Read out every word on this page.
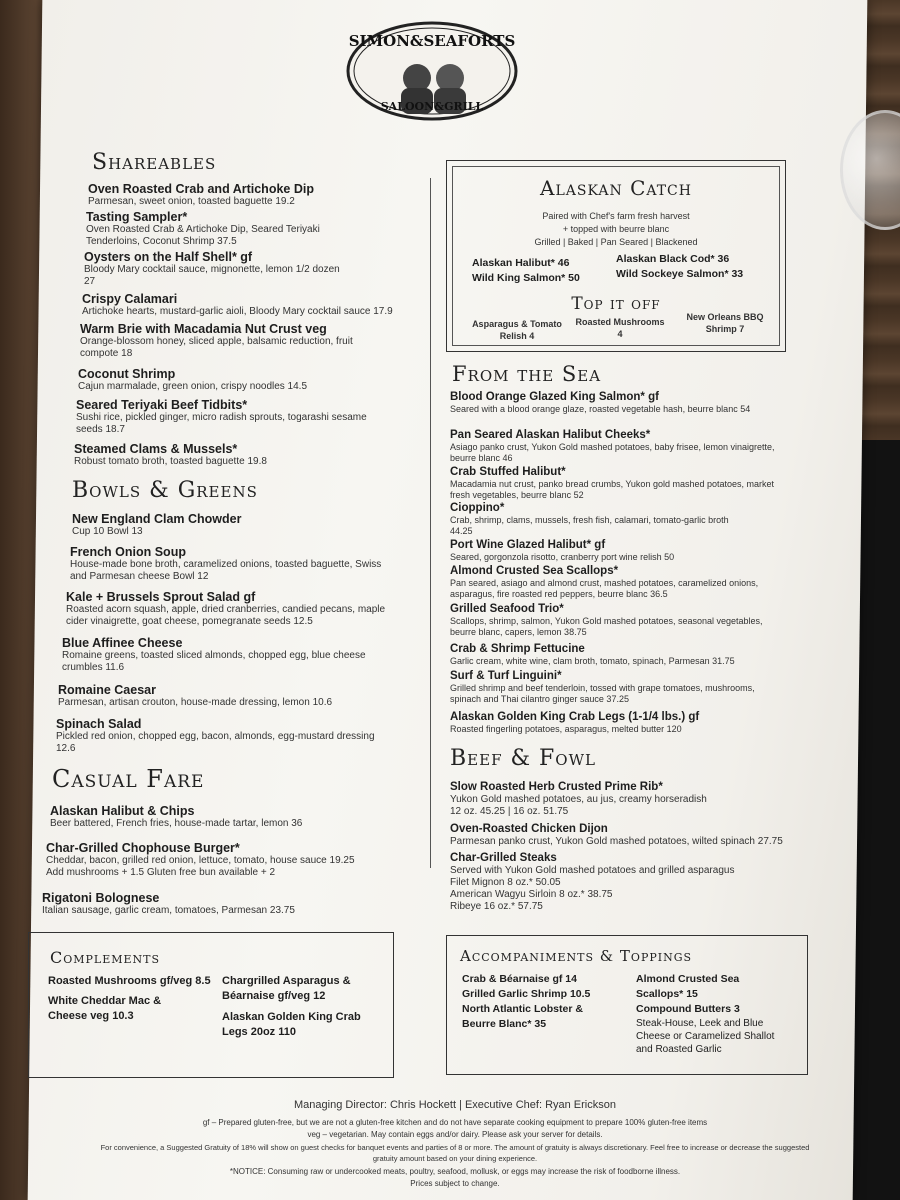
SIMON&SEAFORTS
SALOON&GRILL
Shareables
Oven Roasted Crab and Artichoke Dip
Parmesan, sweet onion, toasted baguette 19.2
Tasting Sampler*
Oven Roasted Crab & Artichoke Dip, Seared Teriyaki Tenderloins, Coconut Shrimp 37.5
Oysters on the Half Shell* gf
Bloody Mary cocktail sauce, mignonette, lemon 1/2 dozen 27
Crispy Calamari
Artichoke hearts, mustard-garlic aioli, Bloody Mary cocktail sauce 17.9
Warm Brie with Macadamia Nut Crust veg
Orange-blossom honey, sliced apple, balsamic reduction, fruit compote 18
Coconut Shrimp
Cajun marmalade, green onion, crispy noodles 14.5
Seared Teriyaki Beef Tidbits*
Sushi rice, pickled ginger, micro radish sprouts, togarashi sesame seeds 18.7
Steamed Clams & Mussels*
Robust tomato broth, toasted baguette 19.8
Bowls & Greens
New England Clam Chowder
Cup 10 Bowl 13
French Onion Soup
House-made bone broth, caramelized onions, toasted baguette, Swiss and Parmesan cheese Bowl 12
Kale + Brussels Sprout Salad gf
Roasted acorn squash, apple, dried cranberries, candied pecans, maple cider vinaigrette, goat cheese, pomegranate seeds 12.5
Blue Affinee Cheese
Romaine greens, toasted sliced almonds, chopped egg, blue cheese crumbles 11.6
Romaine Caesar
Parmesan, artisan crouton, house-made dressing, lemon 10.6
Spinach Salad
Pickled red onion, chopped egg, bacon, almonds, egg-mustard dressing 12.6
Casual Fare
Alaskan Halibut & Chips
Beer battered, French fries, house-made tartar, lemon 36
Char-Grilled Chophouse Burger*
Cheddar, bacon, grilled red onion, lettuce, tomato, house sauce 19.25
Add mushrooms + 1.5 Gluten free bun available + 2
Rigatoni Bolognese
Italian sausage, garlic cream, tomatoes, Parmesan 23.75
Complements
Roasted Mushrooms gf/veg 8.5
White Cheddar Mac &
Cheese veg 10.3
Chargrilled Asparagus &
Béarnaise gf/veg 12
Alaskan Golden King Crab
Legs 20oz 110
Alaskan Catch
Paired with Chef's farm fresh harvest
+ topped with beurre blanc
Grilled | Baked | Pan Seared | Blackened
Alaskan Halibut* 46
Wild King Salmon* 50
Alaskan Black Cod* 36
Wild Sockeye Salmon* 33
Top it off
Asparagus & Tomato
Relish 4
Roasted Mushrooms
4
New Orleans BBQ
Shrimp 7
From the Sea
Blood Orange Glazed King Salmon* gf
Seared with a blood orange glaze, roasted vegetable hash, beurre blanc 54
Pan Seared Alaskan Halibut Cheeks*
Asiago panko crust, Yukon Gold mashed potatoes, baby frisee, lemon vinaigrette, beurre blanc 46
Crab Stuffed Halibut*
Macadamia nut crust, panko bread crumbs, Yukon gold mashed potatoes, market fresh vegetables, beurre blanc 52
Cioppino*
Crab, shrimp, clams, mussels, fresh fish, calamari, tomato-garlic broth 44.25
Port Wine Glazed Halibut* gf
Seared, gorgonzola risotto, cranberry port wine relish 50
Almond Crusted Sea Scallops*
Pan seared, asiago and almond crust, mashed potatoes, caramelized onions, asparagus, fire roasted red peppers, beurre blanc 36.5
Grilled Seafood Trio*
Scallops, shrimp, salmon, Yukon Gold mashed potatoes, seasonal vegetables, beurre blanc, capers, lemon 38.75
Crab & Shrimp Fettucine
Garlic cream, white wine, clam broth, tomato, spinach, Parmesan 31.75
Surf & Turf Linguini*
Grilled shrimp and beef tenderloin, tossed with grape tomatoes, mushrooms, spinach and Thai cilantro ginger sauce 37.25
Alaskan Golden King Crab Legs (1-1/4 lbs.) gf
Roasted fingerling potatoes, asparagus, melted butter 120
Beef & Fowl
Slow Roasted Herb Crusted Prime Rib*
Yukon Gold mashed potatoes, au jus, creamy horseradish
12 oz. 45.25 | 16 oz. 51.75
Oven-Roasted Chicken Dijon
Parmesan panko crust, Yukon Gold mashed potatoes, wilted spinach 27.75
Char-Grilled Steaks
Served with Yukon Gold mashed potatoes and grilled asparagus
Filet Mignon 8 oz.* 50.05
American Wagyu Sirloin 8 oz.* 38.75
Ribeye 16 oz.* 57.75
Accompaniments & Toppings
Crab & Béarnaise gf 14
Grilled Garlic Shrimp 10.5
North Atlantic Lobster &
Beurre Blanc* 35
Almond Crusted Sea
Scallops* 15
Compound Butters 3
Steak-House, Leek and Blue
Cheese or Caramelized Shallot
and Roasted Garlic
Managing Director: Chris Hockett | Executive Chef: Ryan Erickson
gf – Prepared gluten-free, but we are not a gluten-free kitchen and do not have separate cooking equipment to prepare 100% gluten-free items
veg – vegetarian. May contain eggs and/or dairy. Please ask your server for details.
For convenience, a Suggested Gratuity of 18% will show on guest checks for banquet events and parties of 8 or more. The amount of gratuity is always discretionary. Feel free to increase or decrease the suggested
gratuity amount based on your dining experience.
*NOTICE: Consuming raw or undercooked meats, poultry, seafood, mollusk, or eggs may increase the risk of foodborne illness.
Prices subject to change.
